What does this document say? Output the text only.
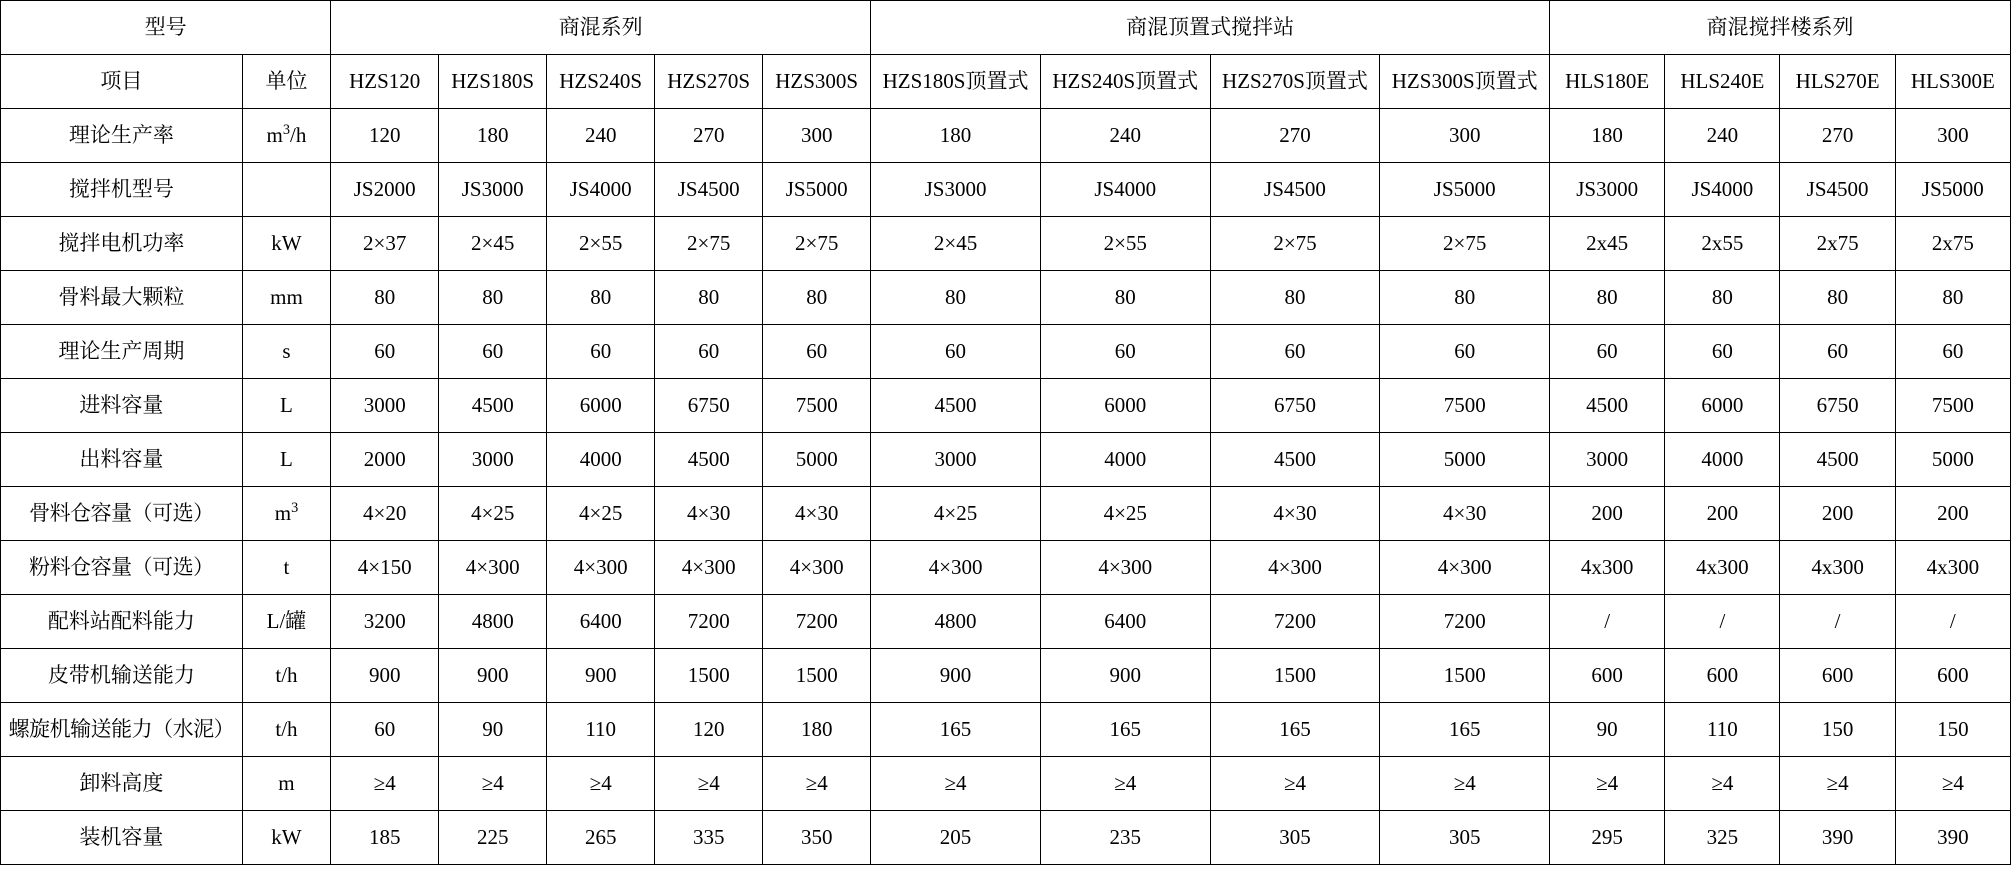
型号		商混系列					商混顶置式搅拌站				商混搅拌楼系列			
项目	单位	HZS120	HZS180S	HZS240S	HZS270S	HZS300S	HZS180S顶置式	HZS240S顶置式	HZS270S顶置式	HZS300S顶置式	HLS180E	HLS240E	HLS270E	HLS300E
理论生产率	$m^3/h$	120	180	240	270	300	180	240	270	300	180	240	270	300
搅拌机型号		JS2000	JS3000	JS4000	JS4500	JS5000	JS3000	JS4000	JS4500	JS5000	JS3000	JS4000	JS4500	JS5000
搅拌电机功率	kW	2×37	2×45	2×55	2×75	2×75	2×45	2×55	2×75	2×75	2x45	2x55	2x75	2x75
骨料最大颗粒	mm	80	80	80	80	80	80	80	80	80	80	80	80	80
理论生产周期	s	60	60	60	60	60	60	60	60	60	60	60	60	60
进料容量	L	3000	4500	6000	6750	7500	4500	6000	6750	7500	4500	6000	6750	7500
出料容量	L	2000	3000	4000	4500	5000	3000	4000	4500	5000	3000	4000	4500	5000
骨料仓容量（可选）	$m^3$	4×20	4×25	4×25	4×30	4×30	4×25	4×25	4×30	4×30	200	200	200	200
粉料仓容量（可选）	t	4×150	4×300	4×300	4×300	4×300	4×300	4×300	4×300	4×300	4x300	4x300	4x300	4x300
配料站配料能力	L/罐	3200	4800	6400	7200	7200	4800	6400	7200	7200	/	/	/	/
皮带机输送能力	t/h	900	900	900	1500	1500	900	900	1500	1500	600	600	600	600
螺旋机输送能力（水泥）	t/h	60	90	110	120	180	165	165	165	165	90	110	150	150
卸料高度	m	≥4	≥4	≥4	≥4	≥4	≥4	≥4	≥4	≥4	≥4	≥4	≥4	≥4
装机容量	kW	185	225	265	335	350	205	235	305	305	295	325	390	390
